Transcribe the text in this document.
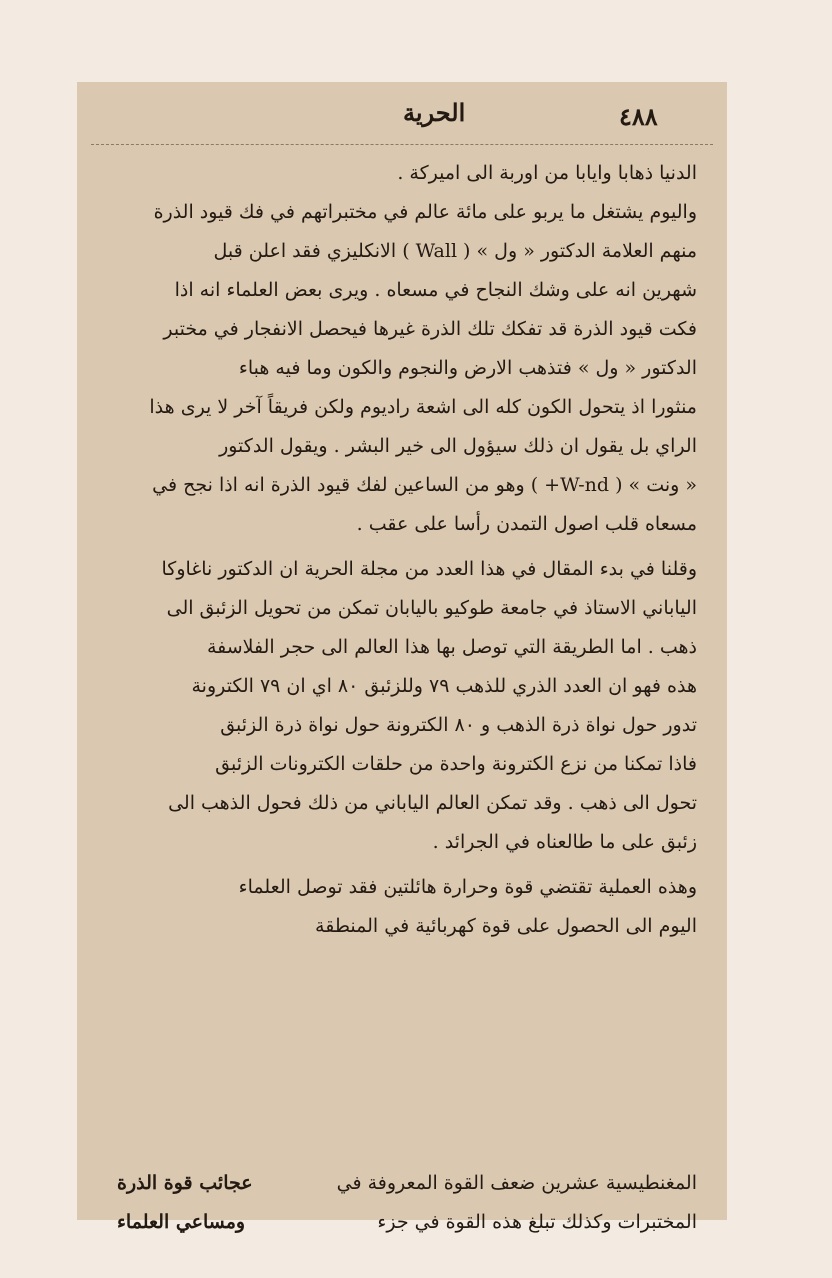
الحرية	٤٨٨
الدنيا ذهابا وايابا من اوربة الى اميركة .
واليوم يشتغل ما يربو على مائة عالم في مختبراتهم في فك قيود الذرة
منهم العلامة الدكتور « ول » ( Wall ) الانكليزي فقد اعلن قبل
شهرين انه على وشك النجاح في مسعاه . ويرى بعض العلماء انه اذا
فكت قيود الذرة قد تفكك تلك الذرة غيرها فيحصل الانفجار في مختبر
الدكتور « ول » فتذهب الارض والنجوم والكون وما فيه هباء
منثورا اذ يتحول الكون كله الى اشعة راديوم ولكن فريقاً آخر لا يرى هذا
الراي بل يقول ان ذلك سيؤول الى خير البشر . ويقول الدكتور
« ونت » ( W-nd+ ) وهو من الساعين لفك قيود الذرة انه اذا نجح في
مسعاه قلب اصول التمدن رأسا على عقب .
وقلنا في بدء المقال في هذا العدد من مجلة الحرية ان الدكتور ناغاوكا
الياباني الاستاذ في جامعة طوكيو باليابان تمكن من تحويل الزئبق الى
ذهب . اما الطريقة التي توصل بها هذا العالم الى حجر الفلاسفة
هذه فهو ان العدد الذري للذهب ٧٩ وللزئبق ٨٠ اي ان ٧٩ الكترونة
تدور حول نواة ذرة الذهب و ٨٠ الكترونة حول نواة ذرة الزئبق
فاذا تمكنا من نزع الكترونة واحدة من حلقات الكترونات الزئبق
تحول الى ذهب . وقد تمكن العالم الياباني من ذلك فحول الذهب الى
زئبق على ما طالعناه في الجرائد .
وهذه العملية تقتضي قوة وحرارة هائلتين فقد توصل العلماء
اليوم الى الحصول على قوة كهربائية في المنطقة
المغنطيسية عشرين ضعف القوة المعروفة في
عجائب قوة الذرة
المختبرات وكذلك تبلغ هذه القوة في جزء
ومساعي العلماء
